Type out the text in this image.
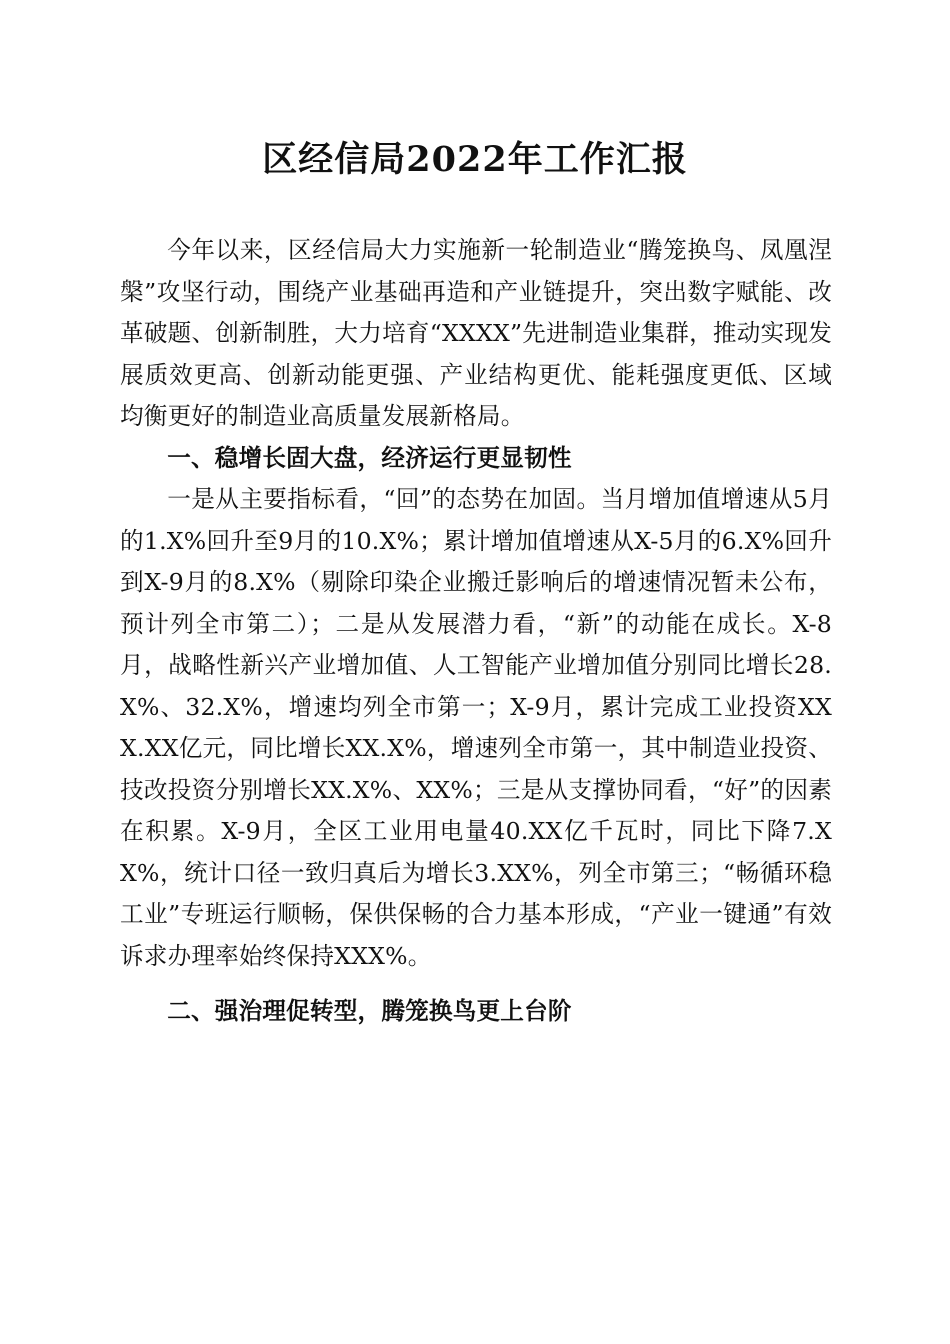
区经信局2022年工作汇报

今年以来，区经信局大力实施新一轮制造业“腾笼换鸟、凤凰涅槃”攻坚行动，围绕产业基础再造和产业链提升，突出数字赋能、改革破题、创新制胜，大力培育“XXXX”先进制造业集群，推动实现发展质效更高、创新动能更强、产业结构更优、能耗强度更低、区域均衡更好的制造业高质量发展新格局。

一、稳增长固大盘，经济运行更显韧性

一是从主要指标看，“回”的态势在加固。当月增加值增速从5月的1.X%回升至9月的10.X%；累计增加值增速从X-5月的6.X%回升到X-9月的8.X%（剔除印染企业搬迁影响后的增速情况暂未公布，预计列全市第二）；二是从发展潜力看，“新”的动能在成长。X-8月，战略性新兴产业增加值、人工智能产业增加值分别同比增长28.X%、32.X%，增速均列全市第一；X-9月，累计完成工业投资XXX.XX亿元，同比增长XX.X%，增速列全市第一，其中制造业投资、技改投资分别增长XX.X%、XX%；三是从支撑协同看，“好”的因素在积累。X-9月，全区工业用电量40.XX亿千瓦时，同比下降7.XX%，统计口径一致归真后为增长3.XX%，列全市第三；“畅循环稳工业”专班运行顺畅，保供保畅的合力基本形成，“产业一键通”有效诉求办理率始终保持XXX%。

二、强治理促转型，腾笼换鸟更上台阶
